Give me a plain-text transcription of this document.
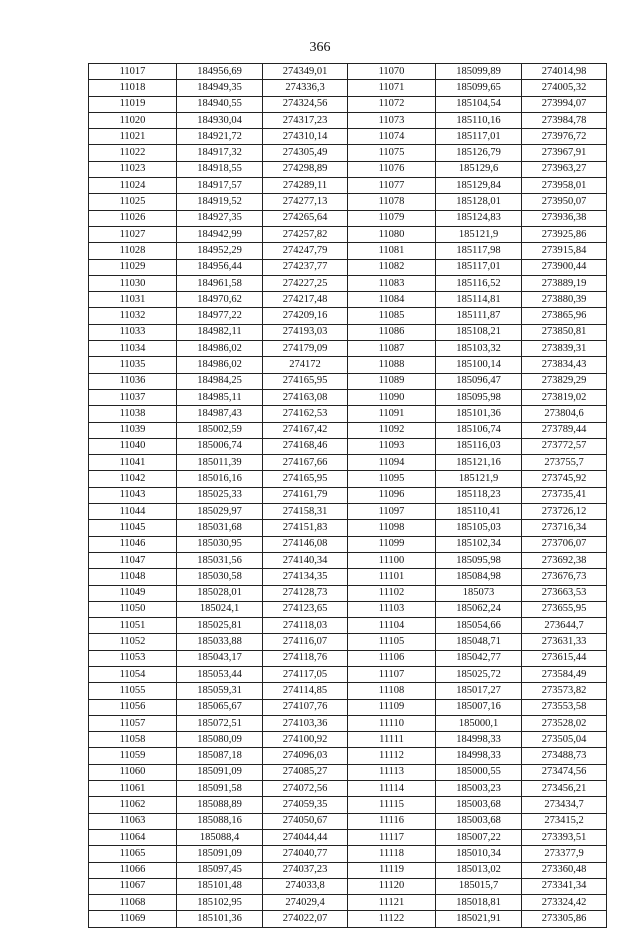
366
11017	184956,69	274349,01	11070	185099,89	274014,98
11018	184949,35	274336,3	11071	185099,65	274005,32
11019	184940,55	274324,56	11072	185104,54	273994,07
11020	184930,04	274317,23	11073	185110,16	273984,78
11021	184921,72	274310,14	11074	185117,01	273976,72
11022	184917,32	274305,49	11075	185126,79	273967,91
11023	184918,55	274298,89	11076	185129,6	273963,27
11024	184917,57	274289,11	11077	185129,84	273958,01
11025	184919,52	274277,13	11078	185128,01	273950,07
11026	184927,35	274265,64	11079	185124,83	273936,38
11027	184942,99	274257,82	11080	185121,9	273925,86
11028	184952,29	274247,79	11081	185117,98	273915,84
11029	184956,44	274237,77	11082	185117,01	273900,44
11030	184961,58	274227,25	11083	185116,52	273889,19
11031	184970,62	274217,48	11084	185114,81	273880,39
11032	184977,22	274209,16	11085	185111,87	273865,96
11033	184982,11	274193,03	11086	185108,21	273850,81
11034	184986,02	274179,09	11087	185103,32	273839,31
11035	184986,02	274172	11088	185100,14	273834,43
11036	184984,25	274165,95	11089	185096,47	273829,29
11037	184985,11	274163,08	11090	185095,98	273819,02
11038	184987,43	274162,53	11091	185101,36	273804,6
11039	185002,59	274167,42	11092	185106,74	273789,44
11040	185006,74	274168,46	11093	185116,03	273772,57
11041	185011,39	274167,66	11094	185121,16	273755,7
11042	185016,16	274165,95	11095	185121,9	273745,92
11043	185025,33	274161,79	11096	185118,23	273735,41
11044	185029,97	274158,31	11097	185110,41	273726,12
11045	185031,68	274151,83	11098	185105,03	273716,34
11046	185030,95	274146,08	11099	185102,34	273706,07
11047	185031,56	274140,34	11100	185095,98	273692,38
11048	185030,58	274134,35	11101	185084,98	273676,73
11049	185028,01	274128,73	11102	185073	273663,53
11050	185024,1	274123,65	11103	185062,24	273655,95
11051	185025,81	274118,03	11104	185054,66	273644,7
11052	185033,88	274116,07	11105	185048,71	273631,33
11053	185043,17	274118,76	11106	185042,77	273615,44
11054	185053,44	274117,05	11107	185025,72	273584,49
11055	185059,31	274114,85	11108	185017,27	273573,82
11056	185065,67	274107,76	11109	185007,16	273553,58
11057	185072,51	274103,36	11110	185000,1	273528,02
11058	185080,09	274100,92	11111	184998,33	273505,04
11059	185087,18	274096,03	11112	184998,33	273488,73
11060	185091,09	274085,27	11113	185000,55	273474,56
11061	185091,58	274072,56	11114	185003,23	273456,21
11062	185088,89	274059,35	11115	185003,68	273434,7
11063	185088,16	274050,67	11116	185003,68	273415,2
11064	185088,4	274044,44	11117	185007,22	273393,51
11065	185091,09	274040,77	11118	185010,34	273377,9
11066	185097,45	274037,23	11119	185013,02	273360,48
11067	185101,48	274033,8	11120	185015,7	273341,34
11068	185102,95	274029,4	11121	185018,81	273324,42
11069	185101,36	274022,07	11122	185021,91	273305,86
